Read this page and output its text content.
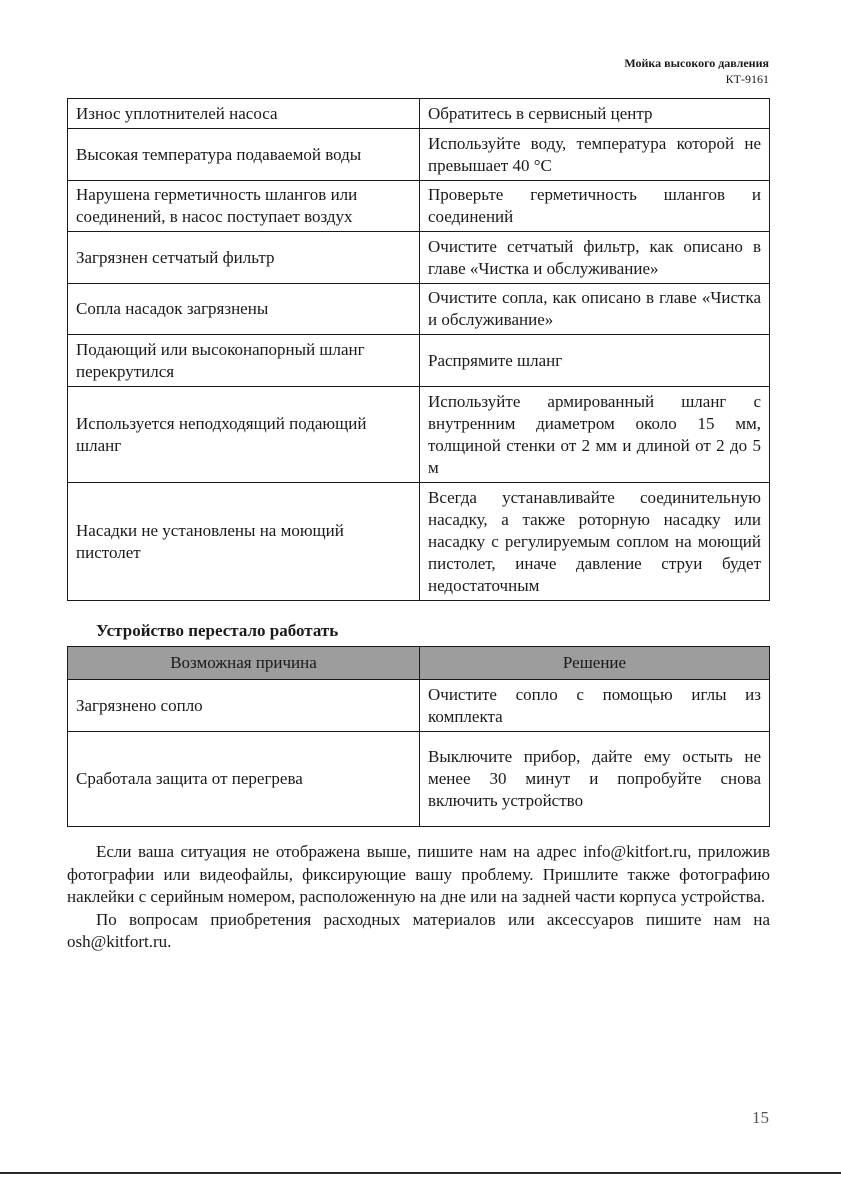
Мойка высокого давления
КТ-9161
Износ уплотнителей насоса	Обратитесь в сервисный центр
Высокая температура подаваемой воды	Используйте воду, температура которой не превышает 40 °C
Нарушена герметичность шлангов или соединений, в насос поступает воздух	Проверьте герметичность шлангов и соединений
Загрязнен сетчатый фильтр	Очистите сетчатый фильтр, как описано в главе «Чистка и обслуживание»
Сопла насадок загрязнены	Очистите сопла, как описано в главе «Чистка и обслуживание»
Подающий или высоконапорный шланг перекрутился	Распрямите шланг
Используется неподходящий подающий шланг	Используйте армированный шланг с внутренним диаметром около 15 мм, толщиной стенки от 2 мм и длиной от 2 до 5 м
Насадки не установлены на моющий пистолет	Всегда устанавливайте соединительную насадку, а также роторную насадку или насадку с регулируемым соплом на моющий пистолет, иначе давление струи будет недостаточным

Устройство перестало работать

Возможная причина	Решение
Загрязнено сопло	Очистите сопло с помощью иглы из комплекта
Сработала защита от перегрева	Выключите прибор, дайте ему остыть не менее 30 минут и попробуйте снова включить устройство

Если ваша ситуация не отображена выше, пишите нам на адрес info@kitfort.ru, приложив фотографии или видеофайлы, фиксирующие вашу проблему. Пришлите также фотографию наклейки с серийным номером, расположенную на дне или на задней части корпуса устройства.

По вопросам приобретения расходных материалов или аксессуаров пишите нам на osh@kitfort.ru.

15
